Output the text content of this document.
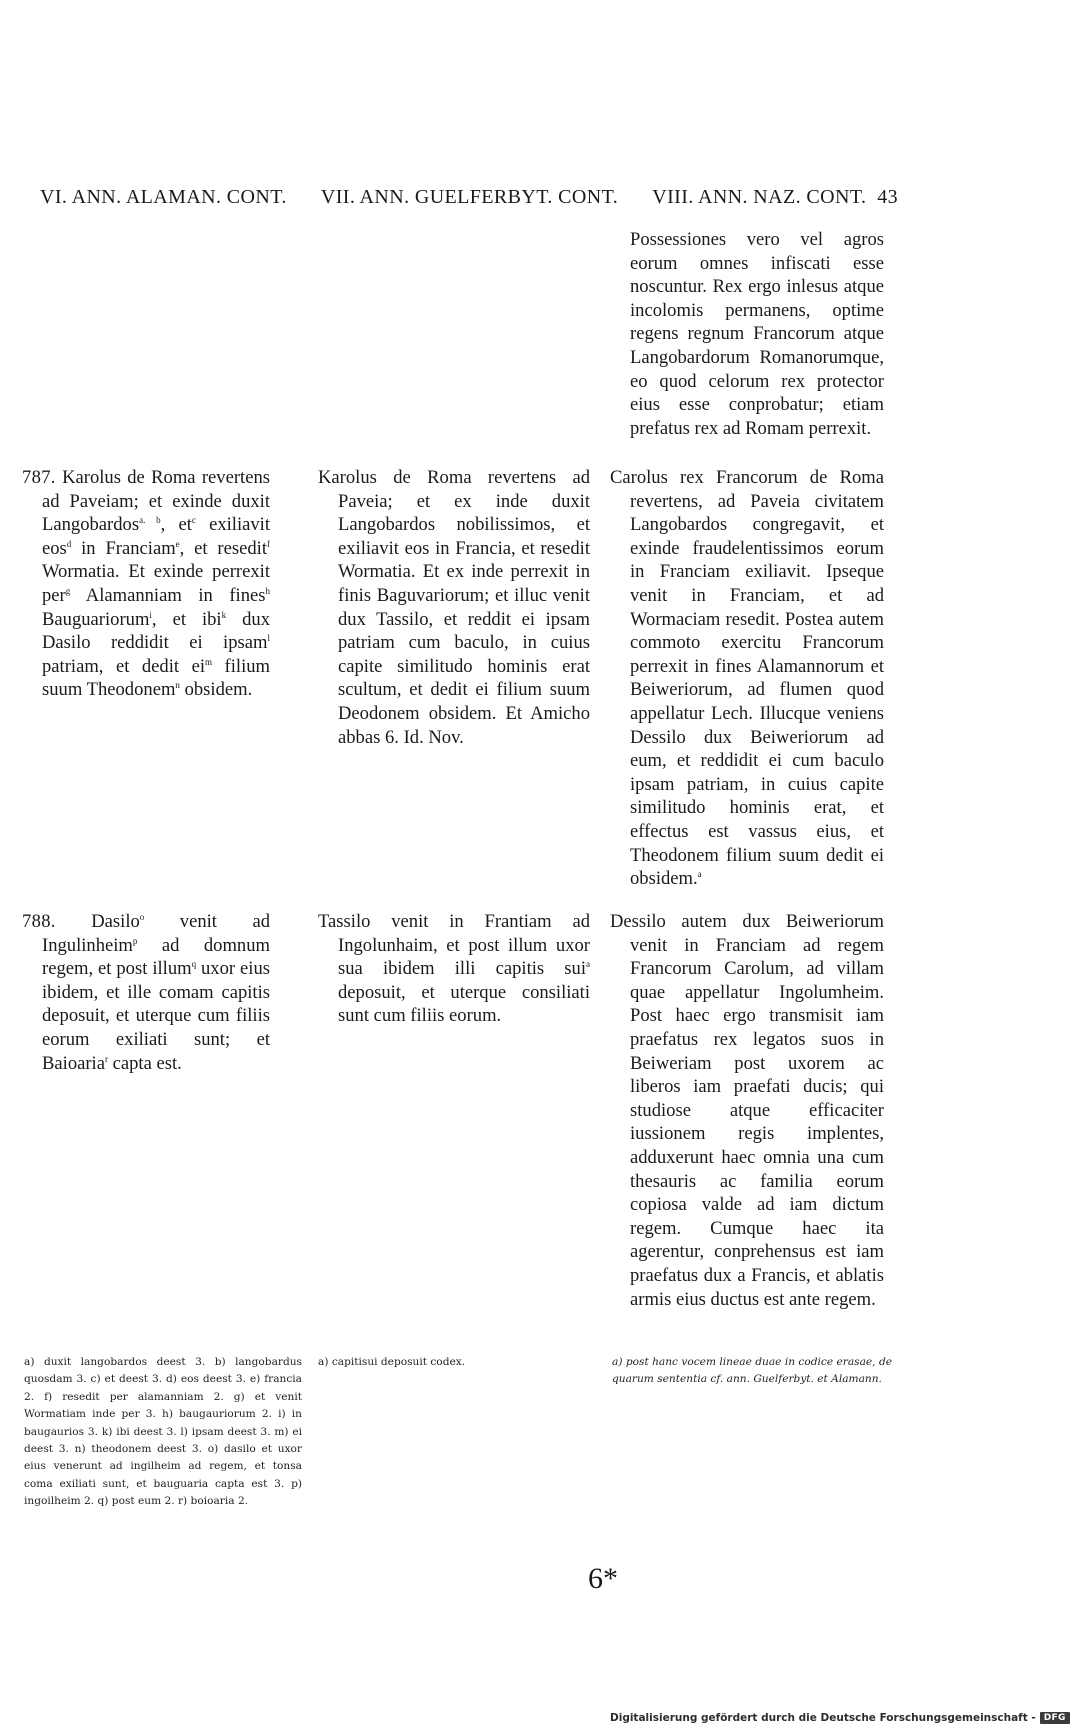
VI. ANN. ALAMAN. CONT. VII. ANN. GUELFERBYT. CONT. VIII. ANN. NAZ. CONT. 43

Possessiones vero vel agros eorum omnes infiscati esse noscuntur. Rex ergo inlesus atque incolomis permanens, optime regens regnum Francorum atque Langobardorum Romanorumque, eo quod celorum rex protector eius esse conprobatur; etiam prefatus rex ad Romam perrexit.

787. Karolus de Roma revertens ad Paveiam; et exinde duxit Langobardos$^{a. b}$, $et^c$ exiliavit eos$^d$ in Franciam$^e$, et resedit$^f$ Wormatia. Et exinde perrexit per$^g$ Alamanniam in fines$^h$ Bauguariorum$^i$, et ibi$^k$ dux Dasilo reddidit ei ipsam$^l$ patriam, et dedit $ei^m$ filium suum Theodonem$^n$ obsidem.

Karolus de Roma revertens ad Paveia; et ex inde duxit Langobardos nobilissimos, et exiliavit eos in Francia, et resedit Wormatia. Et ex inde perrexit in finis Baguvariorum; et illuc venit dux Tassilo, et reddit ei ipsam patriam cum baculo, in cuius capite similitudo hominis erat scultum, et dedit ei filium suum Deodonem obsidem. Et Amicho abbas 6. Id. Nov.

Carolus rex Francorum de Roma revertens, ad Paveia civitatem Langobardos congregavit, et exinde fraudelentissimos eorum in Franciam exiliavit. Ipseque venit in Franciam, et ad Wormaciam resedit. Postea autem commoto exercitu Francorum perrexit in fines Alamannorum et Beiweriorum, ad flumen quod appellatur Lech. Illucque veniens Dessilo dux Beiweriorum ad eum, et reddidit ei cum baculo ipsam patriam, in cuius capite similitudo hominis erat, et effectus est vassus eius, et Theodonem filium suum dedit ei obsidem.$^a$

788. Dasilo$^o$ venit ad Ingulinheim$^p$ ad domnum regem, et post illum$^q$ uxor eius ibidem, et ille comam capitis deposuit, et uterque cum filiis eorum exiliati sunt; et Baioaria$^r$ capta est.

Tassilo venit in Frantiam ad Ingolunhaim, et post illum uxor sua ibidem illi capitis sui$^a$ deposuit, et uterque consiliati sunt cum filiis eorum.

Dessilo autem dux Beiweriorum venit in Franciam ad regem Francorum Carolum, ad villam quae appellatur Ingolumheim. Post haec ergo transmisit iam praefatus rex legatos suos in Beiweriam post uxorem ac liberos iam praefati ducis; qui studiose atque efficaciter iussionem regis implentes, adduxerunt haec omnia una cum thesauris ac familia eorum copiosa valde ad iam dictum regem. Cumque haec ita agerentur, conprehensus est iam praefatus dux a Francis, et ablatis armis eius ductus est ante regem.

a) duxit langobardos deest 3. b) langobardus quosdam 3. c) et deest 3. d) eos deest 3. e) francia 2. f) resedit per alamanniam 2. g) et venit Wormatiam inde per 3. h) baugauriorum 2. i) in baugaurios 3. k) ibi deest 3. l) ipsam deest 3. m) ei deest 3. n) theodonem deest 3. o) dasilo et uxor eius venerunt ad ingilheim ad regem, et tonsa coma exiliati sunt, et bauguaria capta est 3. p) ingoilheim 2. q) post eum 2. r) boioaria 2.
a) capitisui deposuit codex.	a) post hanc vocem lineae duae in codice erasae, de quarum sententia cf. ann. Guelferbyt. et Alamann.
6*
Digitalisierung gefördert durch die Deutsche Forschungsgemeinschaft - DFG
